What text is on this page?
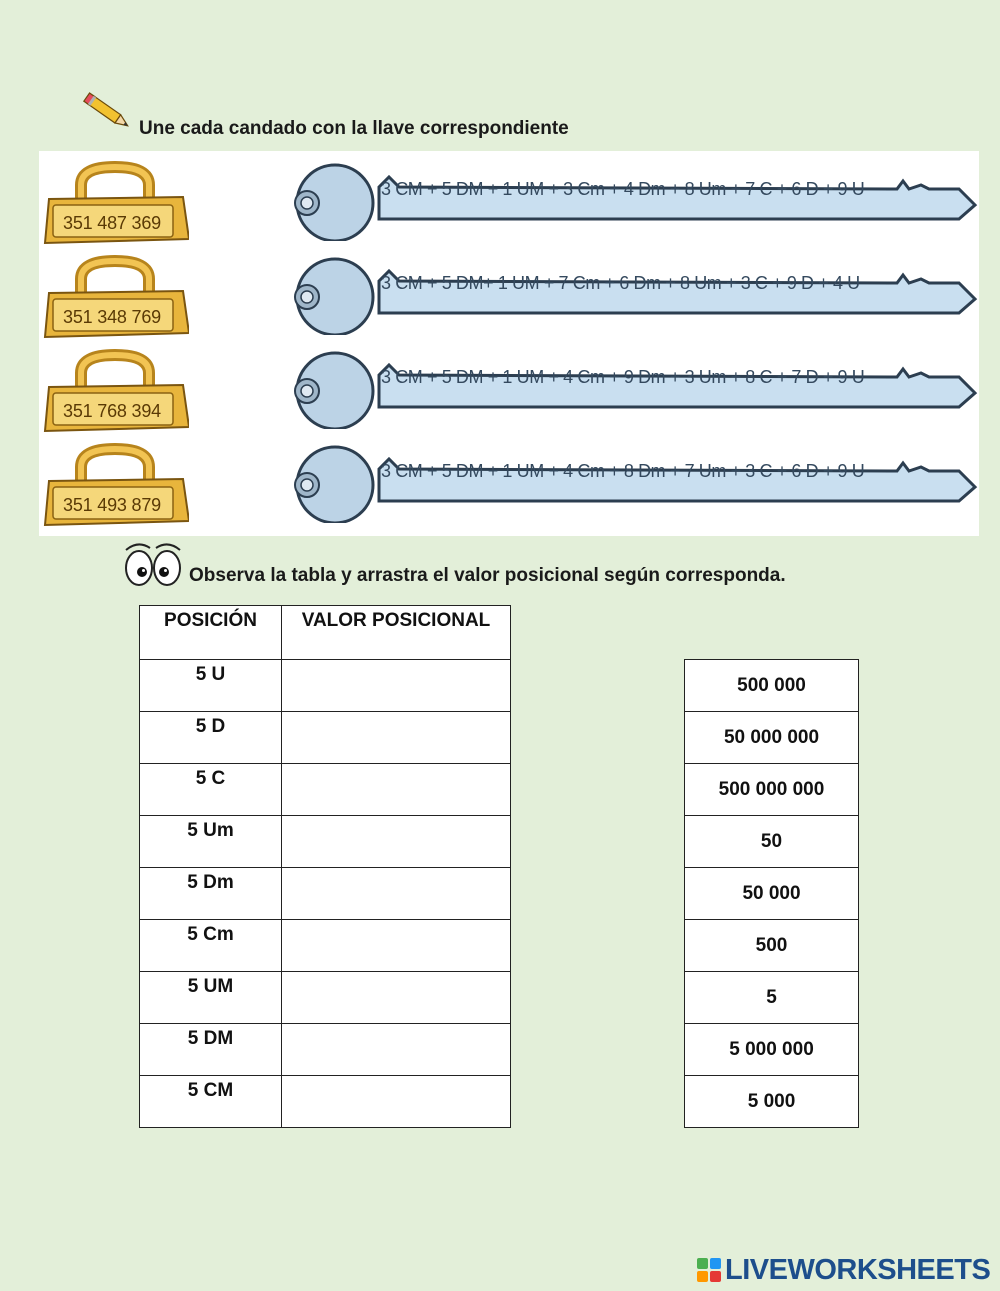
Une cada candado con la llave correspondiente
351 487 369
3 CM + 5 DM + 1 UM + 3 Cm + 4 Dm + 8 Um + 7 C + 6 D + 9 U
351 348 769
3 CM + 5 DM+ 1 UM + 7 Cm + 6 Dm + 8 Um + 3 C + 9 D + 4 U
351 768 394
3 CM + 5 DM + 1 UM + 4 Cm + 9 Dm + 3 Um + 8 C + 7 D + 9 U
351 493 879
3 CM + 5 DM + 1 UM + 4 Cm + 8 Dm + 7 Um + 3 C + 6 D + 9 U
Observa la tabla y arrastra el valor posicional según corresponda.
POSICIÓN	VALOR POSICIONAL
5 U	
5 D	
5 C	
5 Um	
5 Dm	
5 Cm	
5 UM	
5 DM	
5 CM	
500 000
50 000 000
500 000 000
50
50 000
500
5
5 000 000
5 000
LIVEWORKSHEETS
